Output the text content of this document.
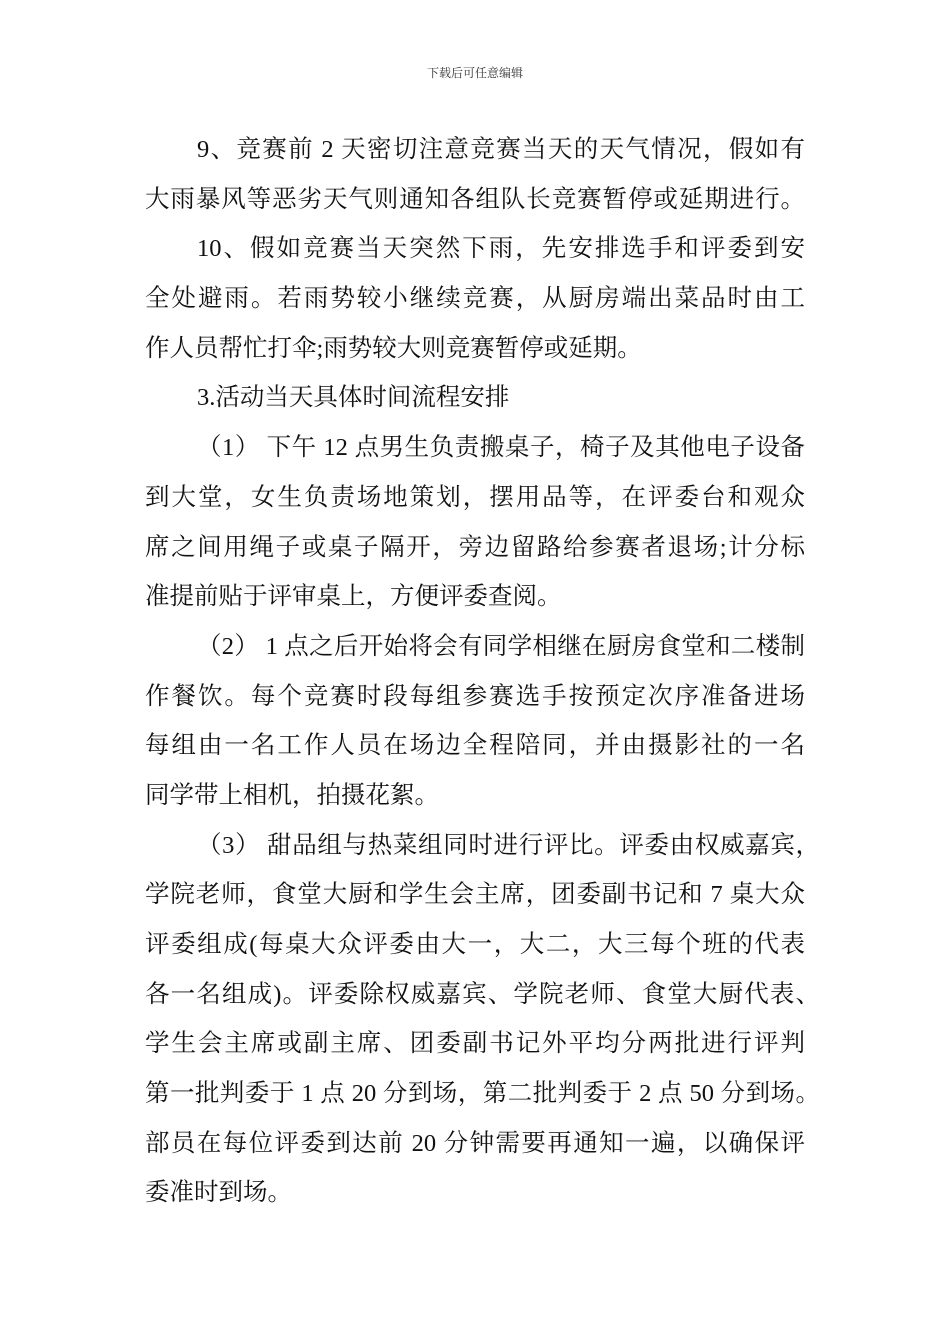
下载后可任意编辑
9、竞赛前 2 天密切注意竞赛当天的天气情况，假如有
大雨暴风等恶劣天气则通知各组队长竞赛暂停或延期进行。
10、假如竞赛当天突然下雨，先安排选手和评委到安
全处避雨。若雨势较小继续竞赛，从厨房端出菜品时由工
作人员帮忙打伞;雨势较大则竞赛暂停或延期。
3.活动当天具体时间流程安排
（1） 下午 12 点男生负责搬桌子，椅子及其他电子设备
到大堂，女生负责场地策划，摆用品等，在评委台和观众
席之间用绳子或桌子隔开，旁边留路给参赛者退场;计分标
准提前贴于评审桌上，方便评委查阅。
（2） 1 点之后开始将会有同学相继在厨房食堂和二楼制
作餐饮。每个竞赛时段每组参赛选手按预定次序准备进场
每组由一名工作人员在场边全程陪同，并由摄影社的一名
同学带上相机，拍摄花絮。
（3） 甜品组与热菜组同时进行评比。评委由权威嘉宾，
学院老师，食堂大厨和学生会主席，团委副书记和 7 桌大众
评委组成(每桌大众评委由大一，大二，大三每个班的代表
各一名组成)。评委除权威嘉宾、学院老师、食堂大厨代表、
学生会主席或副主席、团委副书记外平均分两批进行评判
第一批判委于 1 点 20 分到场，第二批判委于 2 点 50 分到场。
部员在每位评委到达前 20 分钟需要再通知一遍，以确保评
委准时到场。
